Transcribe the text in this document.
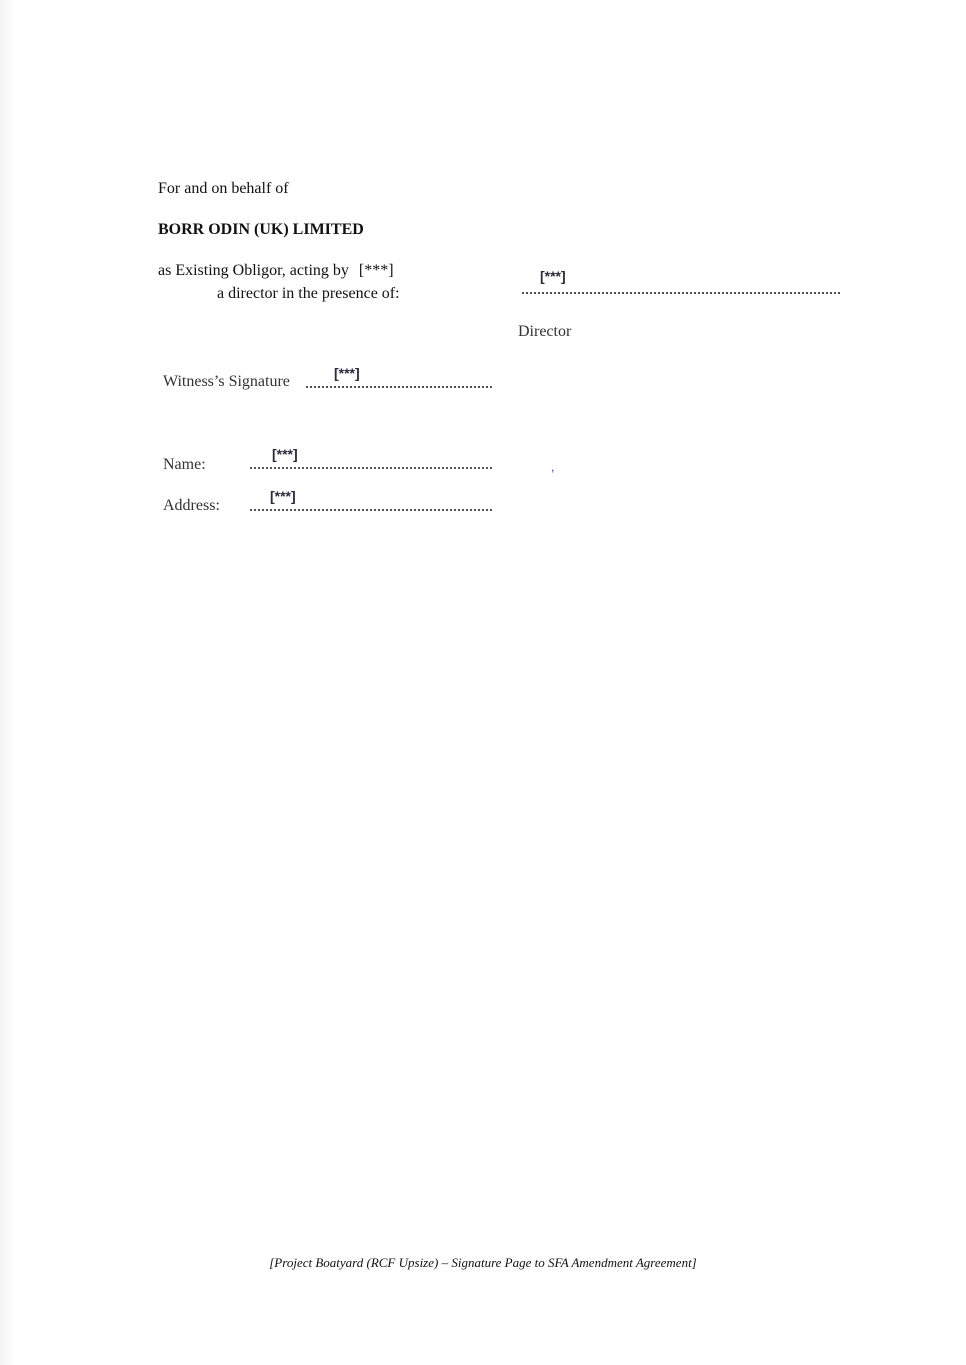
For and on behalf of
BORR ODIN (UK) LIMITED
as Existing Obligor, acting by [***]
a director in the presence of:
[***]
Director
Witness’s Signature	[***]
Name:
[***]
,
Address:
[***]
[Project Boatyard (RCF Upsize) – Signature Page to SFA Amendment Agreement]
